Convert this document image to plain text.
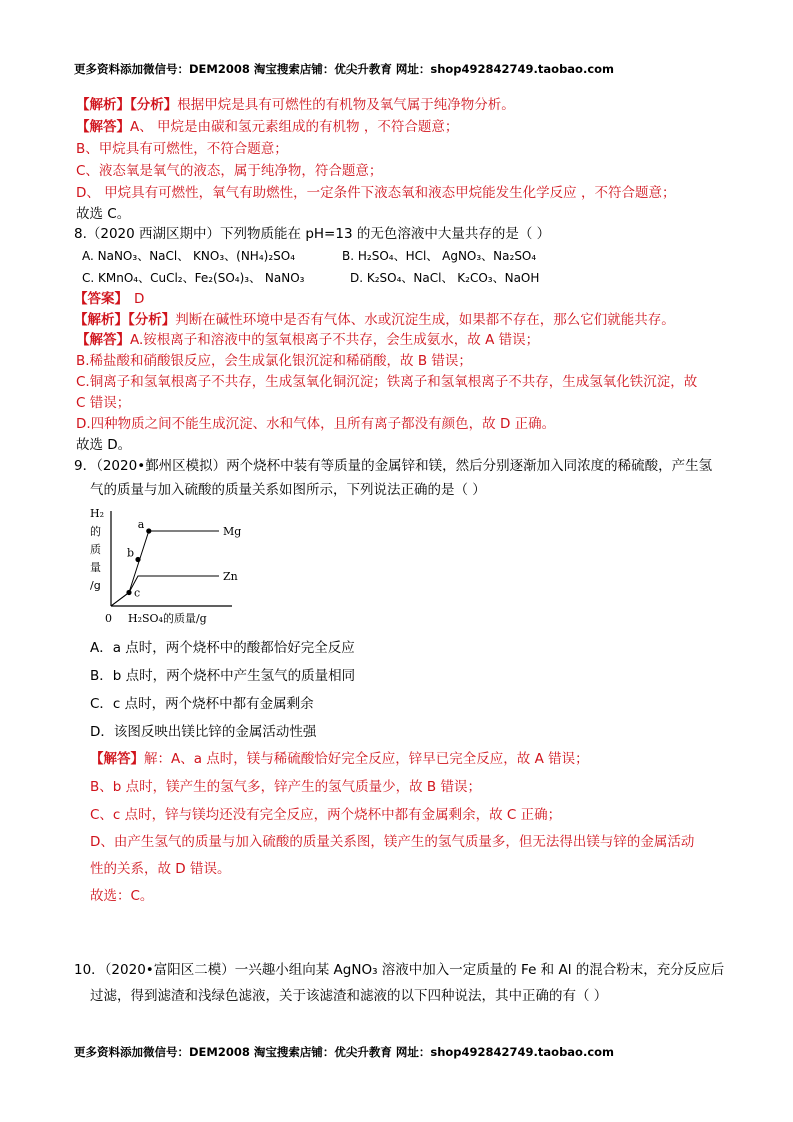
更多资料添加微信号：DEM2008 淘宝搜索店铺：优尖升教育 网址：shop492842749.taobao.com
【解析】【分析】根据甲烷是具有可燃性的有机物及氧气属于纯净物分析。
【解答】A、 甲烷是由碳和氢元素组成的有机物 ，不符合题意；
B、甲烷具有可燃性，不符合题意；
C、液态氧是氧气的液态，属于纯净物，符合题意；
D、 甲烷具有可燃性，氧气有助燃性，一定条件下液态氧和液态甲烷能发生化学反应 ，不符合题意；
故选 C。
8.（2020 西湖区期中）下列物质能在 pH=13 的无色溶液中大量共存的是（ ）
A. NaNO₃、NaCl、 KNO₃、(NH₄)₂SO₄	B. H₂SO₄、HCl、 AgNO₃、Na₂SO₄
C. KMnO₄、CuCl₂、Fe₂(SO₄)₃、 NaNO₃	D. K₂SO₄、NaCl、 K₂CO₃、NaOH
【答案】 D
【解析】【分析】判断在碱性环境中是否有气体、水或沉淀生成，如果都不存在，那么它们就能共存。
【解答】A.铵根离子和溶液中的氢氧根离子不共存，会生成氨水，故 A 错误；
B.稀盐酸和硝酸银反应，会生成氯化银沉淀和稀硝酸，故 B 错误；
C.铜离子和氢氧根离子不共存，生成氢氧化铜沉淀；铁离子和氢氧根离子不共存，生成氢氧化铁沉淀，故
C 错误；
D.四种物质之间不能生成沉淀、水和气体，且所有离子都没有颜色，故 D 正确。
故选 D。
9．（2020•鄞州区模拟）两个烧杯中装有等质量的金属锌和镁，然后分别逐渐加入同浓度的稀硫酸，产生氢
气的质量与加入硫酸的质量关系如图所示，下列说法正确的是（ ）
H₂
的
质
量
/g
Mg
Zn
a
b
c
0 H₂SO₄的质量/g
A．a 点时，两个烧杯中的酸都恰好完全反应
B．b 点时，两个烧杯中产生氢气的质量相同
C．c 点时，两个烧杯中都有金属剩余
D．该图反映出镁比锌的金属活动性强
【解答】解：A、a 点时，镁与稀硫酸恰好完全反应，锌早已完全反应，故 A 错误；
B、b 点时，镁产生的氢气多，锌产生的氢气质量少，故 B 错误；
C、c 点时，锌与镁均还没有完全反应，两个烧杯中都有金属剩余，故 C 正确；
D、由产生氢气的质量与加入硫酸的质量关系图，镁产生的氢气质量多，但无法得出镁与锌的金属活动
性的关系，故 D 错误。
故选：C。
10．（2020•富阳区二模）一兴趣小组向某 AgNO₃ 溶液中加入一定质量的 Fe 和 Al 的混合粉末，充分反应后
过滤，得到滤渣和浅绿色滤液，关于该滤渣和滤液的以下四种说法，其中正确的有（ ）
更多资料添加微信号：DEM2008 淘宝搜索店铺：优尖升教育 网址：shop492842749.taobao.com
